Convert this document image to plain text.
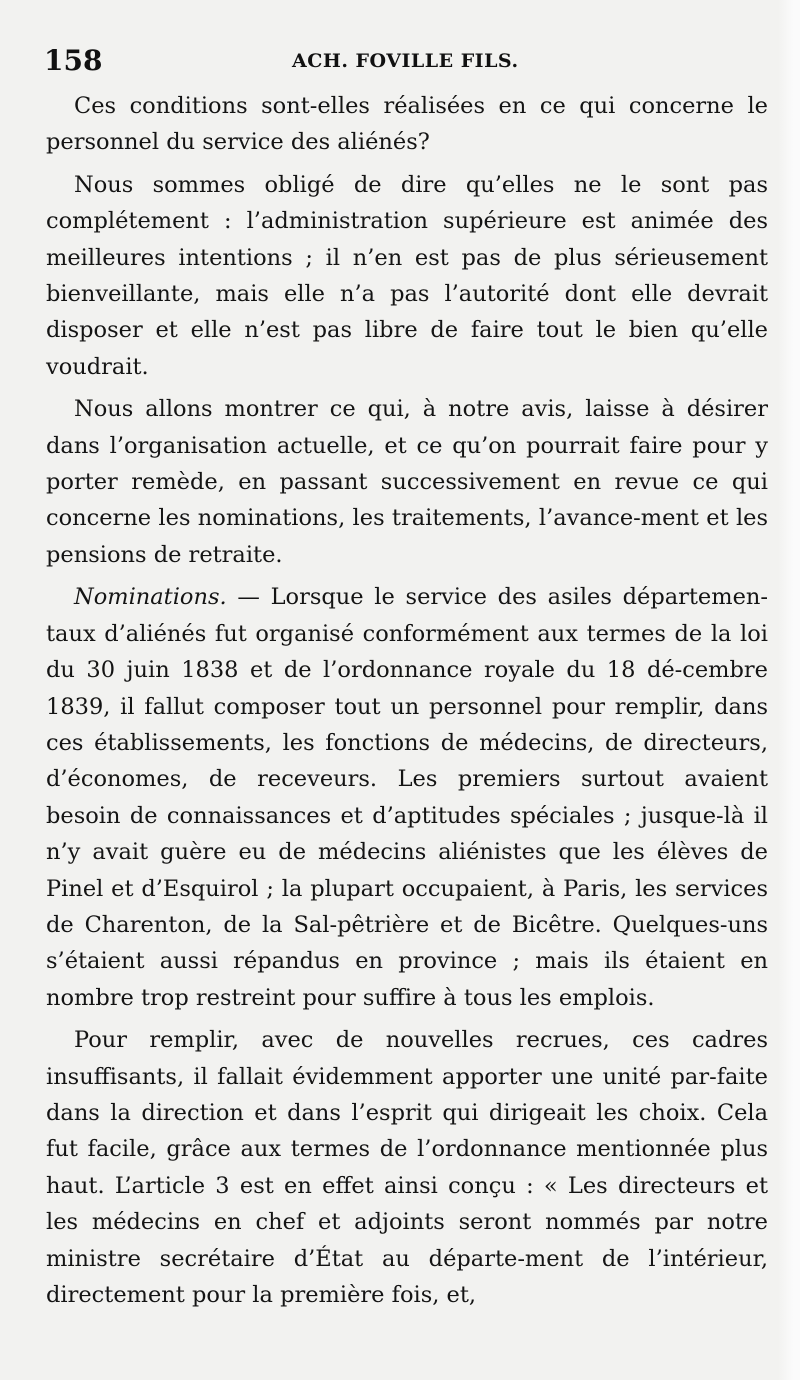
158	ACH. FOVILLE FILS.

Ces conditions sont-elles réalisées en ce qui concerne le personnel du service des aliénés?

Nous sommes obligé de dire qu’elles ne le sont pas complétement : l’administration supérieure est animée des meilleures intentions ; il n’en est pas de plus sérieusement bienveillante, mais elle n’a pas l’autorité dont elle devrait disposer et elle n’est pas libre de faire tout le bien qu’elle voudrait.

Nous allons montrer ce qui, à notre avis, laisse à désirer dans l’organisation actuelle, et ce qu’on pourrait faire pour y porter remède, en passant successivement en revue ce qui concerne les nominations, les traitements, l’avance-ment et les pensions de retraite.

Nominations. — Lorsque le service des asiles départemen-taux d’aliénés fut organisé conformément aux termes de la loi du 30 juin 1838 et de l’ordonnance royale du 18 dé-cembre 1839, il fallut composer tout un personnel pour remplir, dans ces établissements, les fonctions de médecins, de directeurs, d’économes, de receveurs. Les premiers surtout avaient besoin de connaissances et d’aptitudes spéciales ; jusque-là il n’y avait guère eu de médecins aliénistes que les élèves de Pinel et d’Esquirol ; la plupart occupaient, à Paris, les services de Charenton, de la Sal-pêtrière et de Bicêtre. Quelques-uns s’étaient aussi répandus en province ; mais ils étaient en nombre trop restreint pour suffire à tous les emplois.

Pour remplir, avec de nouvelles recrues, ces cadres insuffisants, il fallait évidemment apporter une unité par-faite dans la direction et dans l’esprit qui dirigeait les choix. Cela fut facile, grâce aux termes de l’ordonnance mentionnée plus haut. L’article 3 est en effet ainsi conçu : « Les directeurs et les médecins en chef et adjoints seront nommés par notre ministre secrétaire d’État au départe-ment de l’intérieur, directement pour la première fois, et,
